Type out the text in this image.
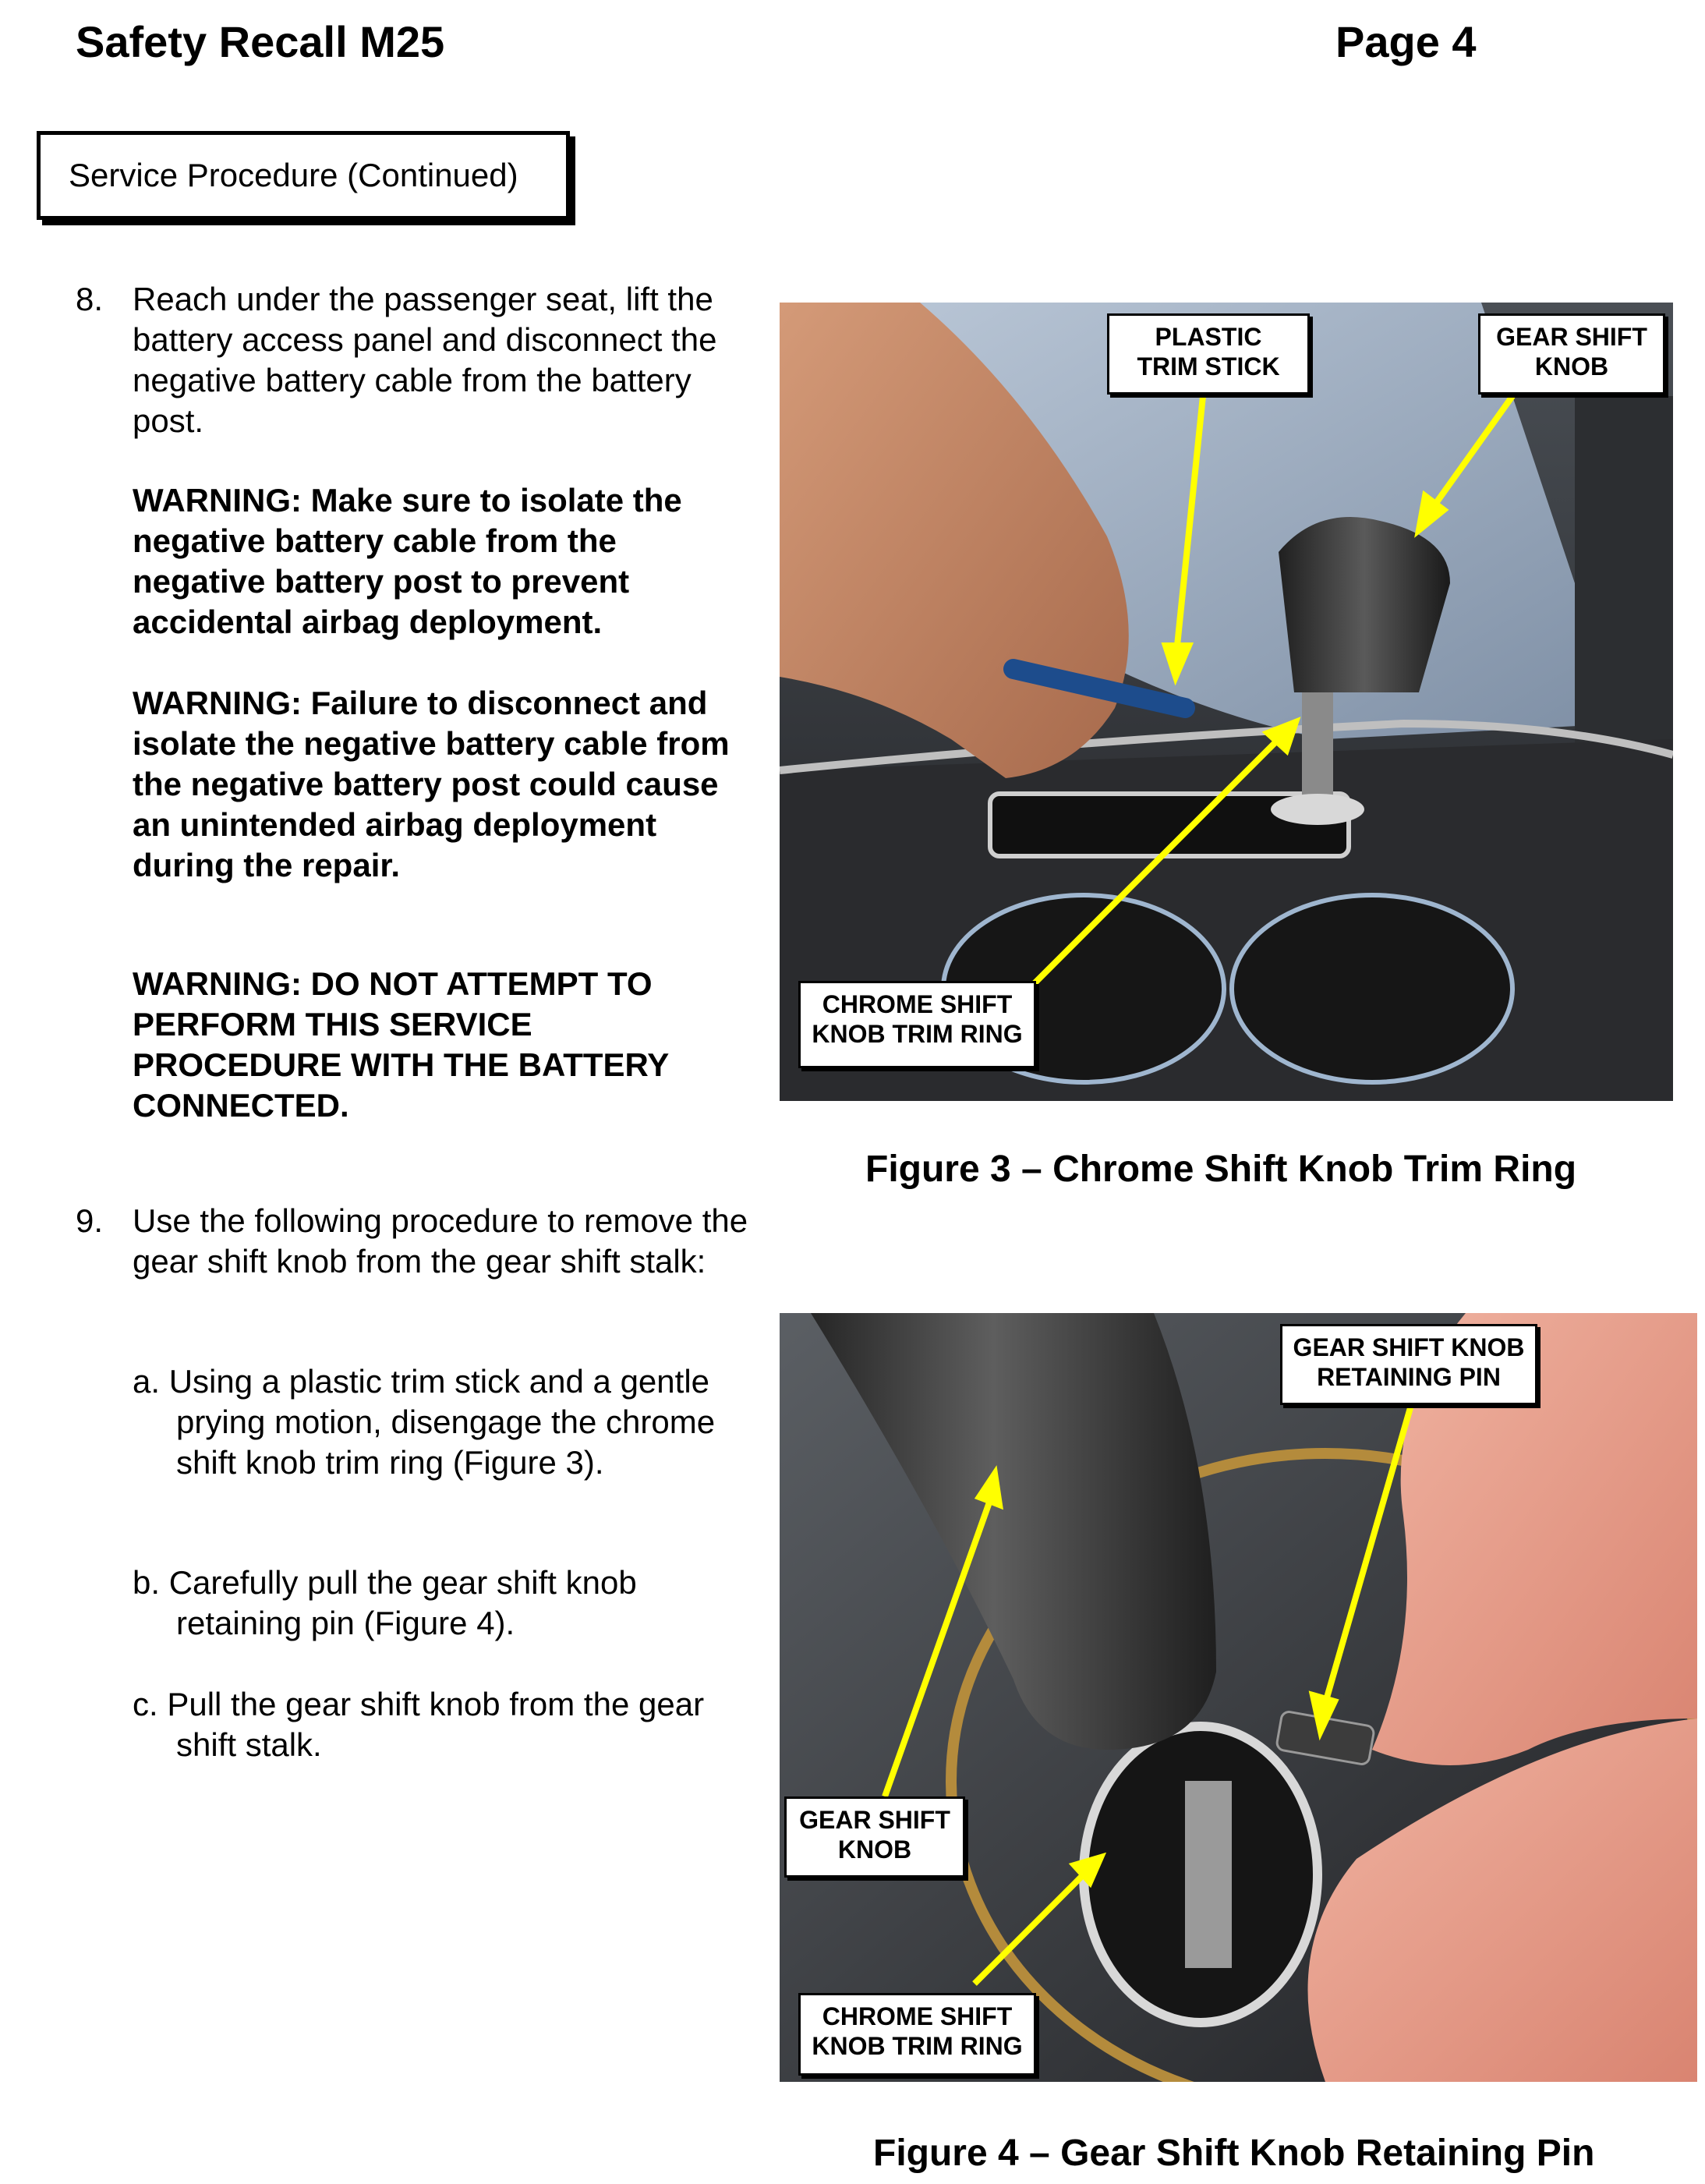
Safety Recall M25	Page 4
Service Procedure (Continued)
8. Reach under the passenger seat, lift the battery access panel and disconnect the negative battery cable from the battery post.
WARNING: Make sure to isolate the negative battery cable from the negative battery post to prevent accidental airbag deployment.
WARNING: Failure to disconnect and isolate the negative battery cable from the negative battery post could cause an unintended airbag deployment during the repair.
WARNING: DO NOT ATTEMPT TO PERFORM THIS SERVICE PROCEDURE WITH THE BATTERY CONNECTED.
9. Use the following procedure to remove the gear shift knob from the gear shift stalk:
a. Using a plastic trim stick and a gentle prying motion, disengage the chrome shift knob trim ring (Figure 3).
b. Carefully pull the gear shift knob retaining pin (Figure 4).
c. Pull the gear shift knob from the gear shift stalk.
PLASTIC
TRIM STICK
GEAR SHIFT
KNOB
CHROME SHIFT
KNOB TRIM RING
Figure 3 – Chrome Shift Knob Trim Ring
GEAR SHIFT KNOB
RETAINING PIN
GEAR SHIFT
KNOB
CHROME SHIFT
KNOB TRIM RING
Figure 4 – Gear Shift Knob Retaining Pin
